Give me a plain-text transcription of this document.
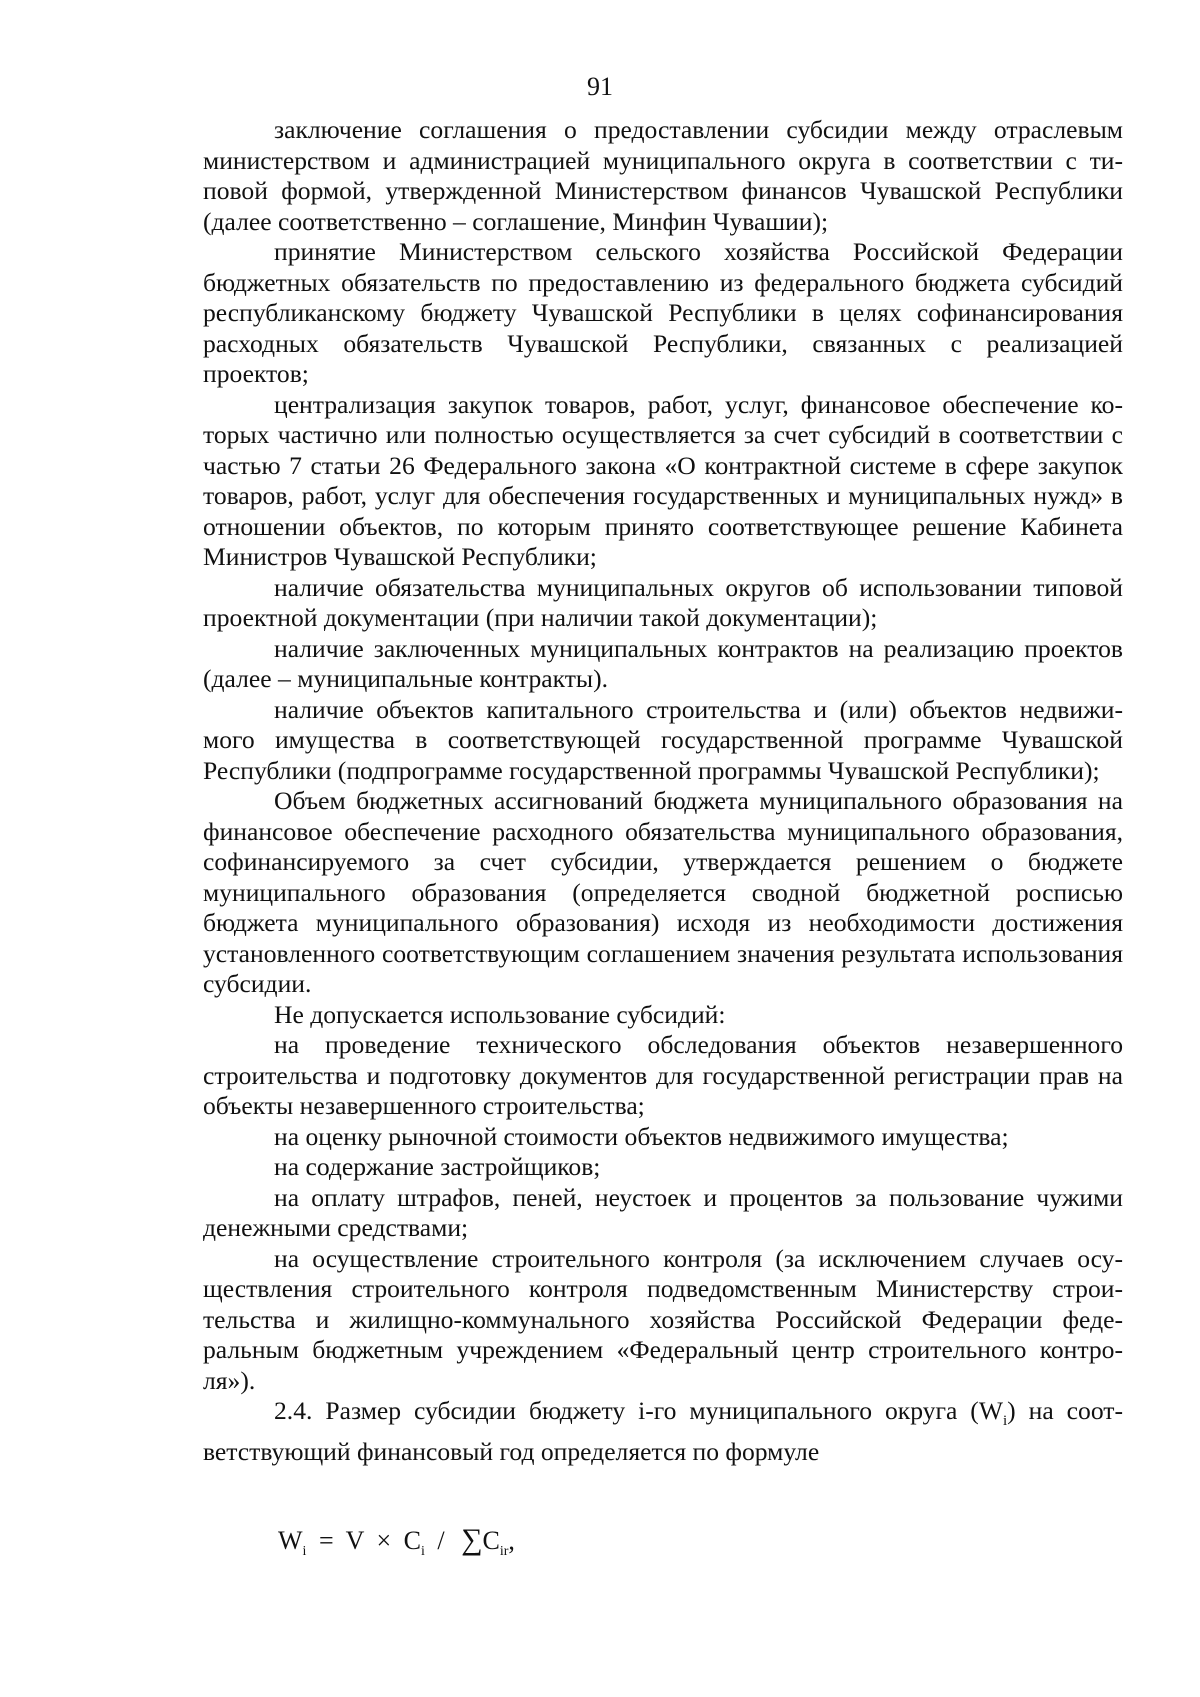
91

заключение соглашения о предоставлении субсидии между отраслевым министерством и администрацией муниципального округа в соответствии с типовой формой, утвержденной Министерством финансов Чувашской Республики (далее соответственно – соглашение, Минфин Чувашии);

принятие Министерством сельского хозяйства Российской Федерации бюджетных обязательств по предоставлению из федерального бюджета субсидий республиканскому бюджету Чувашской Республики в целях софинансирования расходных обязательств Чувашской Республики, связанных с реализацией проектов;

централизация закупок товаров, работ, услуг, финансовое обеспечение которых частично или полностью осуществляется за счет субсидий в соответствии с частью 7 статьи 26 Федерального закона «О контрактной системе в сфере закупок товаров, работ, услуг для обеспечения государственных и муниципальных нужд» в отношении объектов, по которым принято соответствующее решение Кабинета Министров Чувашской Республики;

наличие обязательства муниципальных округов об использовании типовой проектной документации (при наличии такой документации);

наличие заключенных муниципальных контрактов на реализацию проектов (далее – муниципальные контракты).

наличие объектов капитального строительства и (или) объектов недвижимого имущества в соответствующей государственной программе Чувашской Республики (подпрограмме государственной программы Чувашской Республики);

Объем бюджетных ассигнований бюджета муниципального образования на финансовое обеспечение расходного обязательства муниципального образования, софинансируемого за счет субсидии, утверждается решением о бюджете муниципального образования (определяется сводной бюджетной росписью бюджета муниципального образования) исходя из необходимости достижения установленного соответствующим соглашением значения результата использования субсидии.

Не допускается использование субсидий:

на проведение технического обследования объектов незавершенного строительства и подготовку документов для государственной регистрации прав на объекты незавершенного строительства;

на оценку рыночной стоимости объектов недвижимого имущества;

на содержание застройщиков;

на оплату штрафов, пеней, неустоек и процентов за пользование чужими денежными средствами;

на осуществление строительного контроля (за исключением случаев осуществления строительного контроля подведомственным Министерству строительства и жилищно-коммунального хозяйства Российской Федерации федеральным бюджетным учреждением «Федеральный центр строительного контроля»).

2.4. Размер субсидии бюджету i-го муниципального округа $(W_i)$ на соответствующий финансовый год определяется по формуле

$W_i = V \times C_i / \sum C_{ir}$,
